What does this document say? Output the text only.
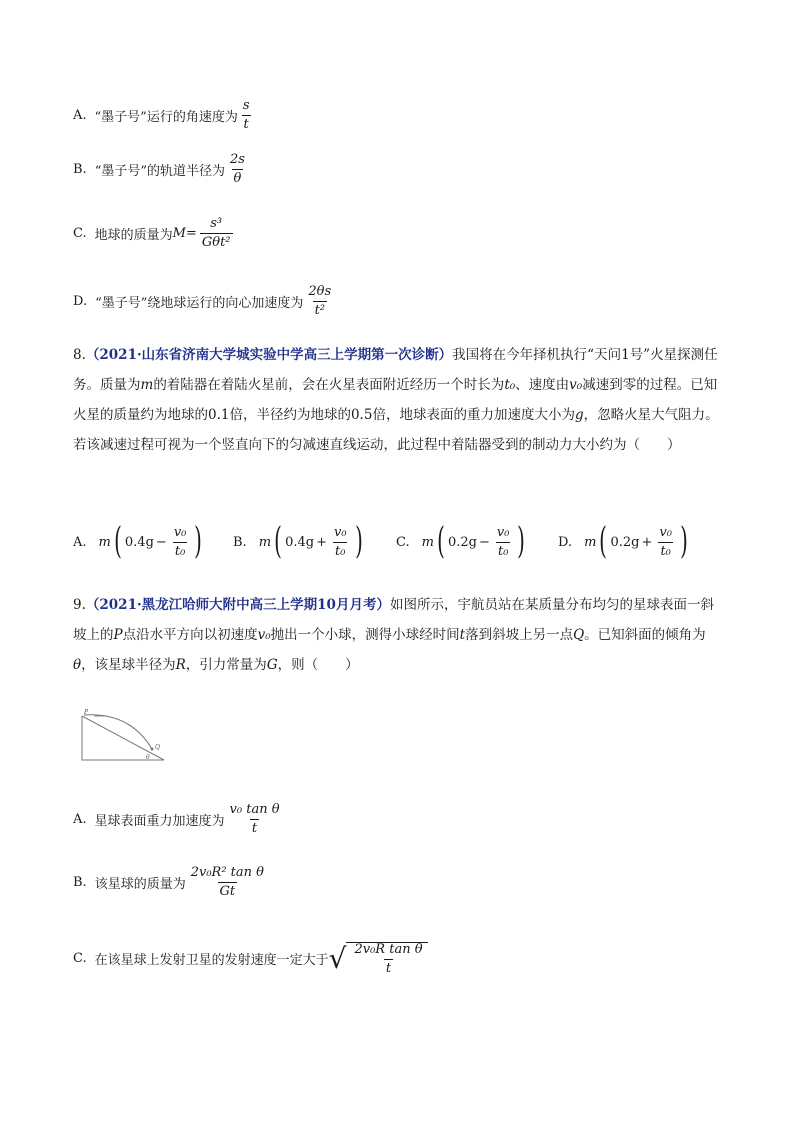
A. “墨子号”运行的角速度为 $\frac{s}{t}$
B. “墨子号”的轨道半径为 $\frac{2s}{\theta}$
C. 地球的质量为 $M= \frac{\text{s³}}{\text{Gθt²}}$
D. “墨子号”绕地球运行的向心加速度为 $\frac{2\theta s}{\text{t²}}$
8.（2021·山东省济南大学城实验中学高三上学期第一次诊断）我国将在今年择机执行“天问1号”火星探测任务。质量为m的着陆器在着陆火星前，会在火星表面附近经历一个时长为t₀、速度由v₀减速到零的过程。已知火星的质量约为地球的0.1倍，半径约为地球的0.5倍，地球表面的重力加速度大小为g，忽略火星大气阻力。若该减速过程可视为一个竖直向下的匀减速直线运动，此过程中着陆器受到的制动力大小约为（　　）
A. m ( $0.4g - \frac{\text{v₀}}{\text{t₀}}$ ) B. m ( $0.4g + \frac{\text{v₀}}{\text{t₀}}$ )	C. m ( $0.2g - \frac{\text{v₀}}{\text{t₀}}$ )	D. m ( $0.2g + \frac{\text{v₀}}{\text{t₀}}$ )
9.（2021·黑龙江哈师大附中高三上学期10月月考）如图所示，宇航员站在某质量分布均匀的星球表面一斜坡上的P点沿水平方向以初速度v₀抛出一个小球，测得小球经时间t落到斜坡上另一点Q。已知斜面的倾角为θ，该星球半径为R，引力常量为G，则（　　）
P
Q
θ
A. 星球表面重力加速度为 $\frac{\text{v₀ tan θ}}{t}$
B. 该星球的质量为 $\frac{\text{2v₀R² tan θ}}{Gt}$
C. 在该星球上发射卫星的发射速度一定大于 √ $\frac{\text{2v₀R tan θ}}{t}$
